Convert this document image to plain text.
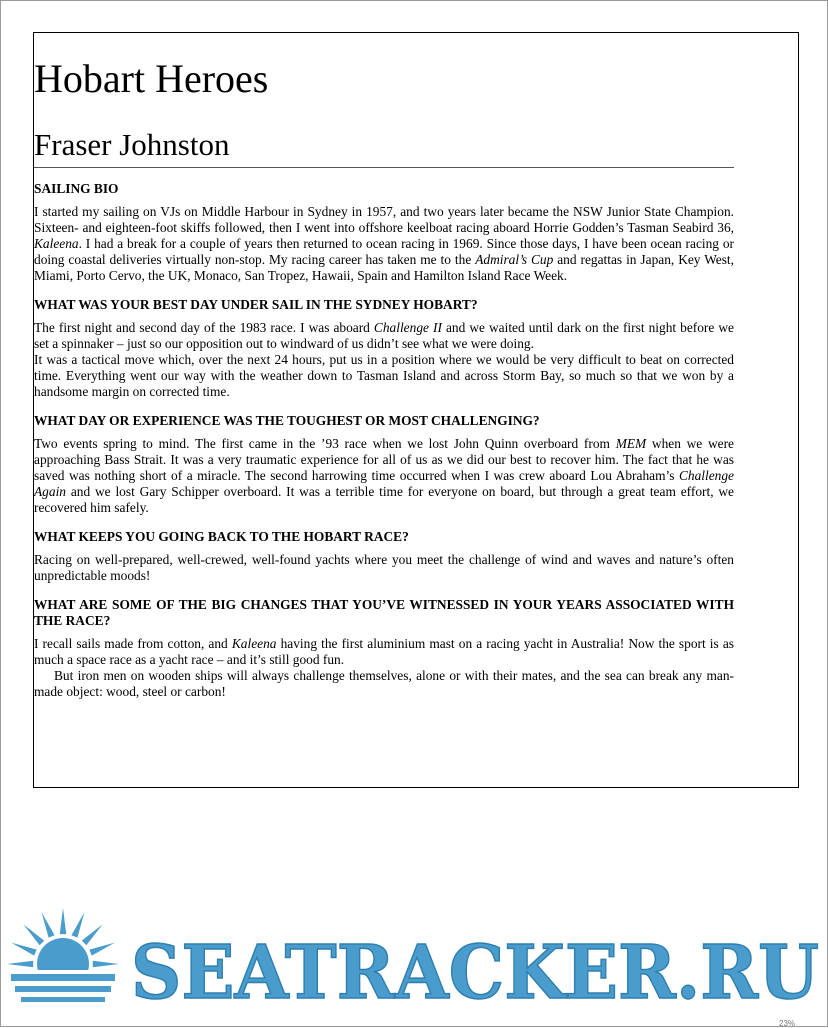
Hobart Heroes
Fraser Johnston
SAILING BIO

I started my sailing on VJs on Middle Harbour in Sydney in 1957, and two years later became the NSW Junior State Champion. Sixteen- and eighteen-foot skiffs followed, then I went into offshore keelboat racing aboard Horrie Godden’s Tasman Seabird 36, Kaleena. I had a break for a couple of years then returned to ocean racing in 1969. Since those days, I have been ocean racing or doing coastal deliveries virtually non-stop. My racing career has taken me to the Admiral’s Cup and regattas in Japan, Key West, Miami, Porto Cervo, the UK, Monaco, San Tropez, Hawaii, Spain and Hamilton Island Race Week.

WHAT WAS YOUR BEST DAY UNDER SAIL IN THE SYDNEY HOBART?

The first night and second day of the 1983 race. I was aboard Challenge II and we waited until dark on the first night before we set a spinnaker – just so our opposition out to windward of us didn’t see what we were doing.

It was a tactical move which, over the next 24 hours, put us in a position where we would be very difficult to beat on corrected time. Everything went our way with the weather down to Tasman Island and across Storm Bay, so much so that we won by a handsome margin on corrected time.

WHAT DAY OR EXPERIENCE WAS THE TOUGHEST OR MOST CHALLENGING?

Two events spring to mind. The first came in the ’93 race when we lost John Quinn overboard from MEM when we were approaching Bass Strait. It was a very traumatic experience for all of us as we did our best to recover him. The fact that he was saved was nothing short of a miracle. The second harrowing time occurred when I was crew aboard Lou Abraham’s Challenge Again and we lost Gary Schipper overboard. It was a terrible time for everyone on board, but through a great team effort, we recovered him safely.

WHAT KEEPS YOU GOING BACK TO THE HOBART RACE?

Racing on well-prepared, well-crewed, well-found yachts where you meet the challenge of wind and waves and nature’s often unpredictable moods!

WHAT ARE SOME OF THE BIG CHANGES THAT YOU’VE WITNESSED IN YOUR YEARS ASSOCIATED WITH THE RACE?

I recall sails made from cotton, and Kaleena having the first aluminium mast on a racing yacht in Australia! Now the sport is as much a space race as a yacht race – and it’s still good fun.

But iron men on wooden ships will always challenge themselves, alone or with their mates, and the sea can break any man-made object: wood, steel or carbon!

SEATRACKER.RU
23%
